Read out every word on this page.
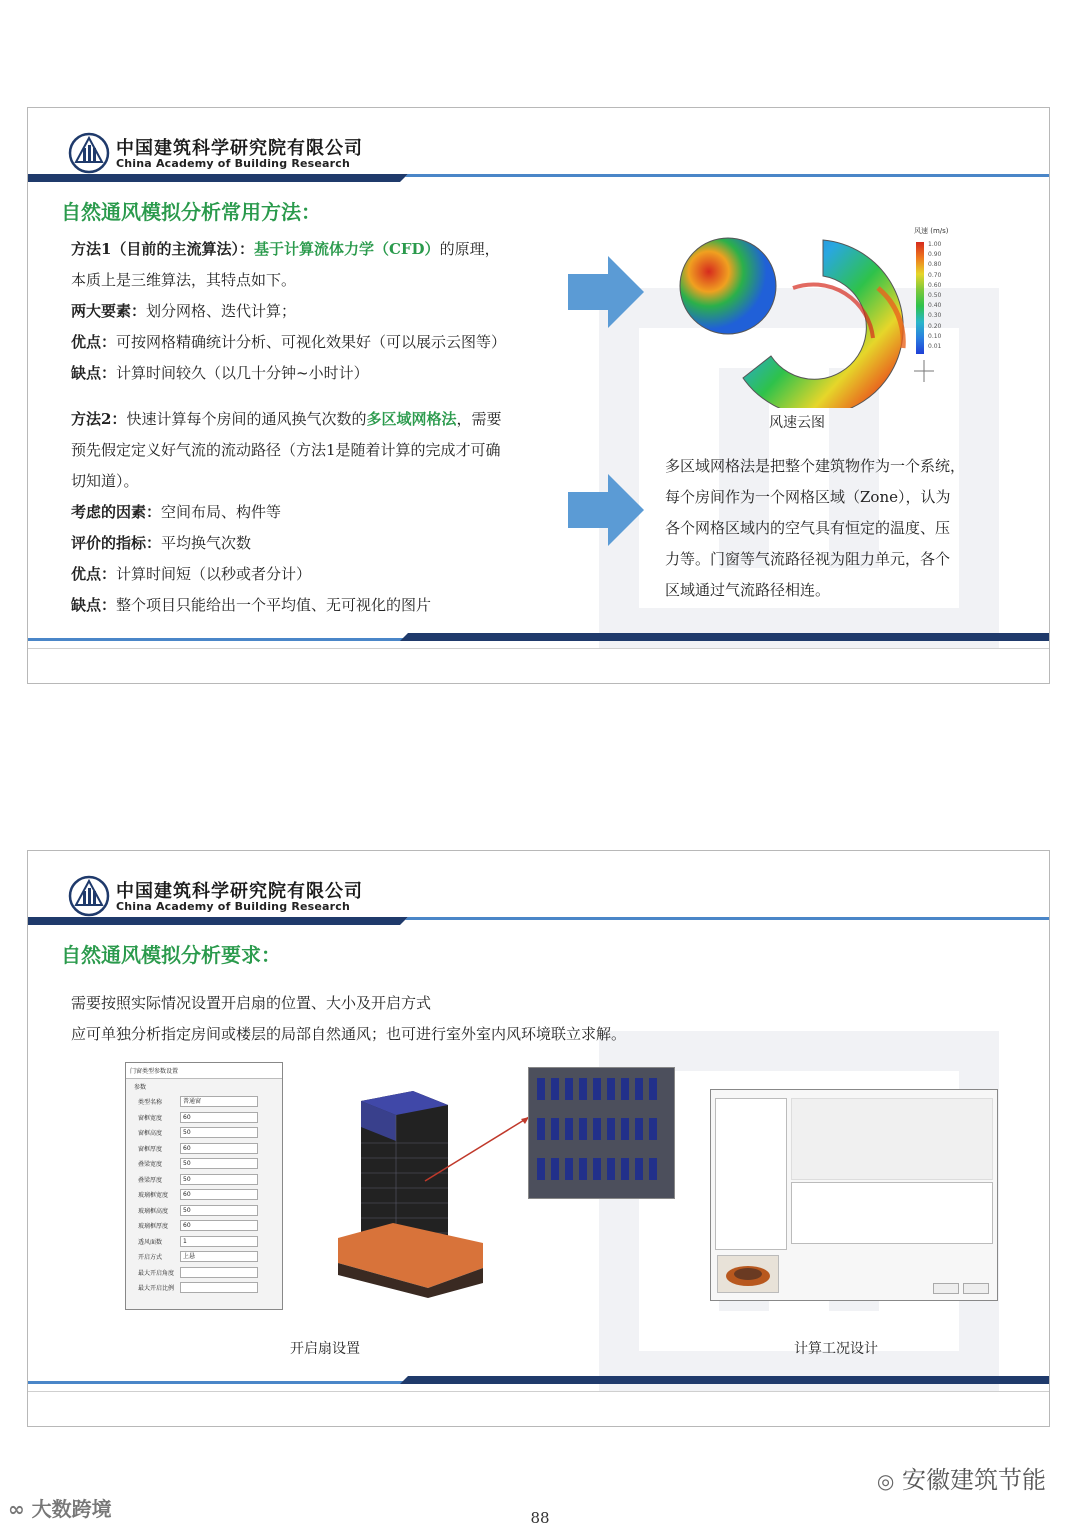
中国建筑科学研究院有限公司
China Academy of Building Research
自然通风模拟分析常用方法：
方法1（目前的主流算法）：基于计算流体力学（CFD）的原理，
本质上是三维算法，其特点如下。
两大要素：划分网格、迭代计算；
优点：可按网格精确统计分析、可视化效果好（可以展示云图等）
缺点：计算时间较久（以几十分钟~小时计）
方法2：快速计算每个房间的通风换气次数的多区域网格法，需要
预先假定定义好气流的流动路径（方法1是随着计算的完成才可确
切知道）。
考虑的因素：空间布局、构件等
评价的指标：平均换气次数
优点：计算时间短（以秒或者分计）
缺点：整个项目只能给出一个平均值、无可视化的图片
风速 (m/s)
1.00
0.90
0.80
0.70
0.60
0.50
0.40
0.30
0.20
0.10
0.01
风速云图
多区域网格法是把整个建筑物作为一个系统，
每个房间作为一个网格区域（Zone），认为
各个网格区域内的空气具有恒定的温度、压
力等。门窗等气流路径视为阻力单元，各个
区域通过气流路径相连。
中国建筑科学研究院有限公司
China Academy of Building Research
自然通风模拟分析要求：
需要按照实际情况设置开启扇的位置、大小及开启方式
应可单独分析指定房间或楼层的局部自然通风；也可进行室外室内风环境联立求解。
门窗类型参数设置
参数
类型名称	普通窗
窗框宽度	60
窗框高度	50
窗框厚度	60
叠梁宽度	50
叠梁厚度	50
玻璃框宽度	60
玻璃框高度	50
玻璃框厚度	60
透风面数	1
开启方式	上悬
最大开启角度
最大开启比例
开启扇设置	计算工况设计
◎ 安徽建筑节能
∞ 大数跨境	88
